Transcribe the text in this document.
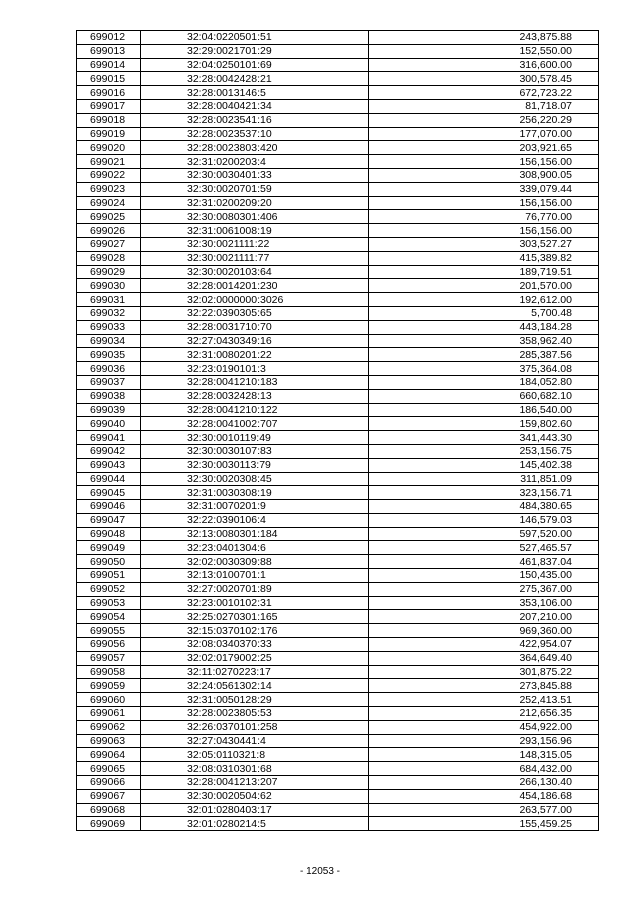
699012	32:04:0220501:51	243,875.88
699013	32:29:0021701:29	152,550.00
699014	32:04:0250101:69	316,600.00
699015	32:28:0042428:21	300,578.45
699016	32:28:0013146:5	672,723.22
699017	32:28:0040421:34	81,718.07
699018	32:28:0023541:16	256,220.29
699019	32:28:0023537:10	177,070.00
699020	32:28:0023803:420	203,921.65
699021	32:31:0200203:4	156,156.00
699022	32:30:0030401:33	308,900.05
699023	32:30:0020701:59	339,079.44
699024	32:31:0200209:20	156,156.00
699025	32:30:0080301:406	76,770.00
699026	32:31:0061008:19	156,156.00
699027	32:30:0021111:22	303,527.27
699028	32:30:0021111:77	415,389.82
699029	32:30:0020103:64	189,719.51
699030	32:28:0014201:230	201,570.00
699031	32:02:0000000:3026	192,612.00
699032	32:22:0390305:65	5,700.48
699033	32:28:0031710:70	443,184.28
699034	32:27:0430349:16	358,962.40
699035	32:31:0080201:22	285,387.56
699036	32:23:0190101:3	375,364.08
699037	32:28:0041210:183	184,052.80
699038	32:28:0032428:13	660,682.10
699039	32:28:0041210:122	186,540.00
699040	32:28:0041002:707	159,802.60
699041	32:30:0010119:49	341,443.30
699042	32:30:0030107:83	253,156.75
699043	32:30:0030113:79	145,402.38
699044	32:30:0020308:45	311,851.09
699045	32:31:0030308:19	323,156.71
699046	32:31:0070201:9	484,380.65
699047	32:22:0390106:4	146,579.03
699048	32:13:0080301:184	597,520.00
699049	32:23:0401304:6	527,465.57
699050	32:02:0030309:88	461,837.04
699051	32:13:0100701:1	150,435.00
699052	32:27:0020701:89	275,367.00
699053	32:23:0010102:31	353,106.00
699054	32:25:0270301:165	207,210.00
699055	32:15:0370102:176	969,360.00
699056	32:08:0340370:33	422,954.07
699057	32:02:0179002:25	364,649.40
699058	32:11:0270223:17	301,875.22
699059	32:24:0561302:14	273,845.88
699060	32:31:0050128:29	252,413.51
699061	32:28:0023805:53	212,656.35
699062	32:26:0370101:258	454,922.00
699063	32:27:0430441:4	293,156.96
699064	32:05:0110321:8	148,315.05
699065	32:08:0310301:68	684,432.00
699066	32:28:0041213:207	266,130.40
699067	32:30:0020504:62	454,186.68
699068	32:01:0280403:17	263,577.00
699069	32:01:0280214:5	155,459.25
- 12053 -
